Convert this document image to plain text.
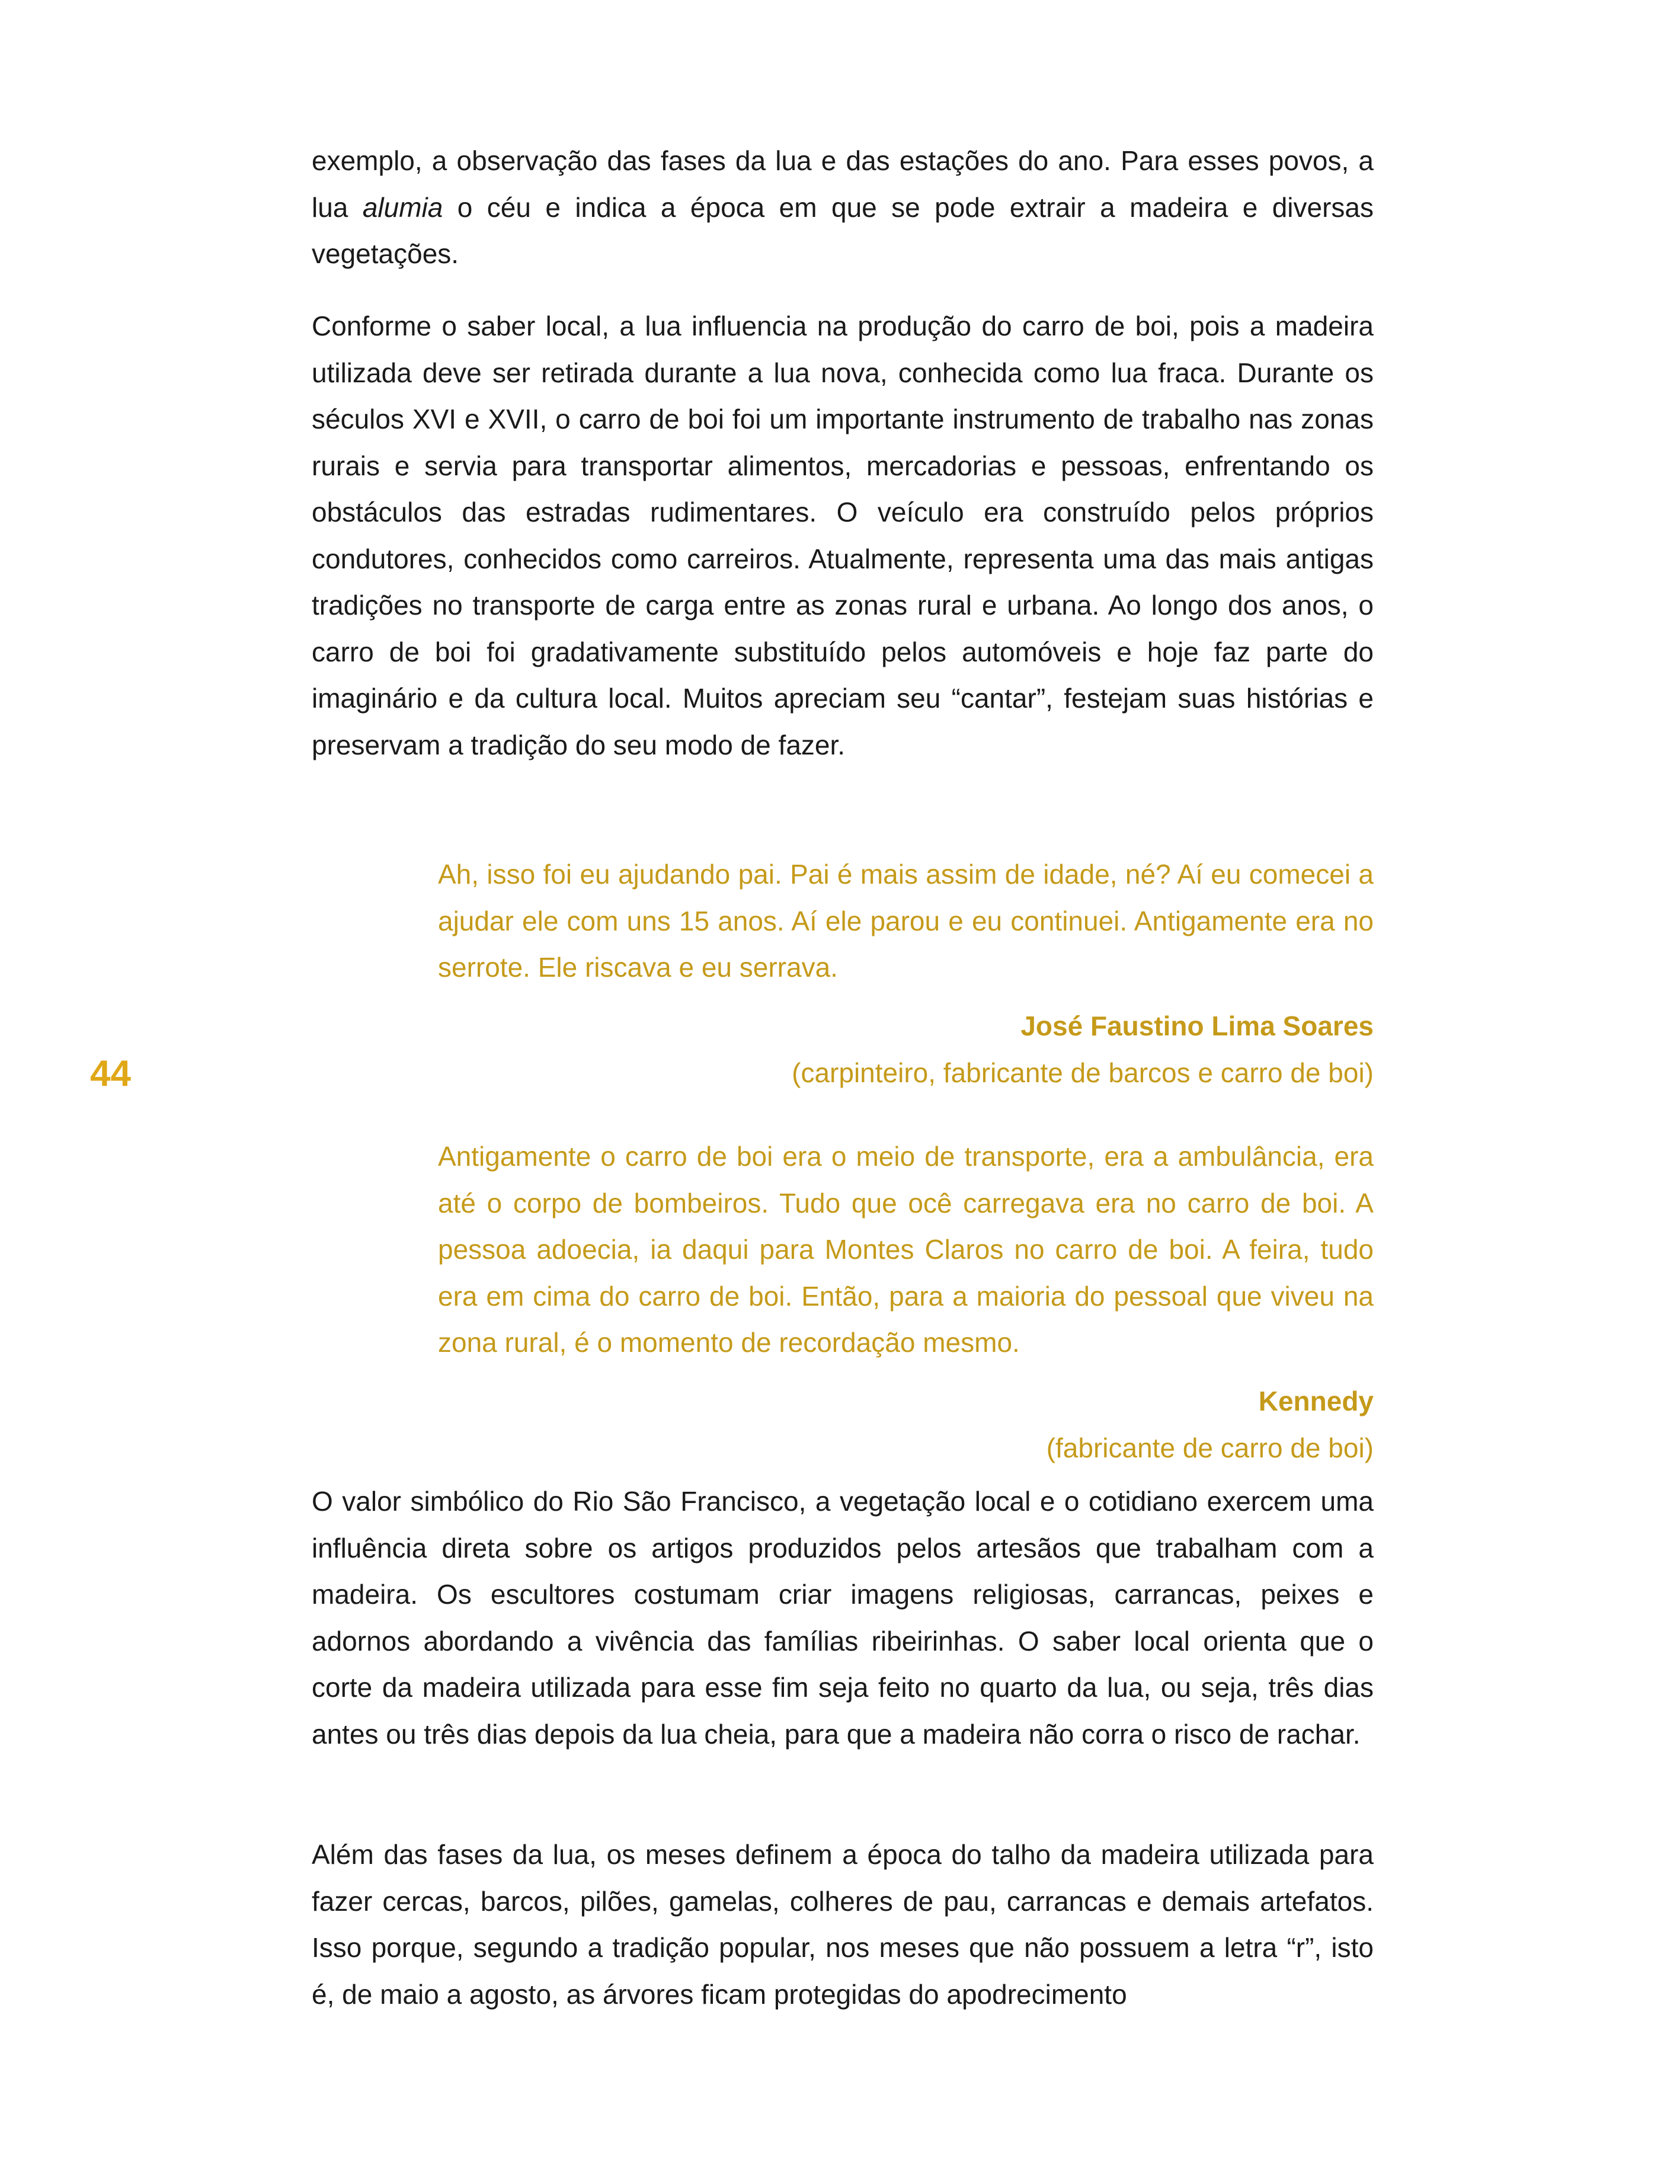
exemplo, a observação das fases da lua e das estações do ano. Para esses povos, a lua alumia o céu e indica a época em que se pode extrair a madeira e diversas vegetações.

Conforme o saber local, a lua influencia na produção do carro de boi, pois a madeira utilizada deve ser retirada durante a lua nova, conhecida como lua fraca. Durante os séculos XVI e XVII, o carro de boi foi um importante instrumento de trabalho nas zonas rurais e servia para transportar alimentos, mercadorias e pessoas, enfrentando os obstáculos das estradas rudimentares. O veículo era construído pelos próprios condutores, conhecidos como carreiros. Atualmente, representa uma das mais antigas tradições no transporte de carga entre as zonas rural e urbana. Ao longo dos anos, o carro de boi foi gradativamente substituído pelos automóveis e hoje faz parte do imaginário e da cultura local. Muitos apreciam seu “cantar”, festejam suas histórias e preservam a tradição do seu modo de fazer.

Ah, isso foi eu ajudando pai. Pai é mais assim de idade, né? Aí eu comecei a ajudar ele com uns 15 anos. Aí ele parou e eu continuei. Antigamente era no serrote. Ele riscava e eu serrava.

José Faustino Lima Soares

(carpinteiro, fabricante de barcos e carro de boi)

44

Antigamente o carro de boi era o meio de transporte, era a ambulância, era até o corpo de bombeiros. Tudo que ocê carregava era no carro de boi. A pessoa adoecia, ia daqui para Montes Claros no carro de boi. A feira, tudo era em cima do carro de boi. Então, para a maioria do pessoal que viveu na zona rural, é o momento de recordação mesmo.

Kennedy

(fabricante de carro de boi)

O valor simbólico do Rio São Francisco, a vegetação local e o cotidiano exercem uma influência direta sobre os artigos produzidos pelos artesãos que trabalham com a madeira. Os escultores costumam criar imagens religiosas, carrancas, peixes e adornos abordando a vivência das famílias ribeirinhas. O saber local orienta que o corte da madeira utilizada para esse fim seja feito no quarto da lua, ou seja, três dias antes ou três dias depois da lua cheia, para que a madeira não corra o risco de rachar.

Além das fases da lua, os meses definem a época do talho da madeira utilizada para fazer cercas, barcos, pilões, gamelas, colheres de pau, carrancas e demais artefatos. Isso porque, segundo a tradição popular, nos meses que não possuem a letra “r”, isto é, de maio a agosto, as árvores ficam protegidas do apodrecimento
